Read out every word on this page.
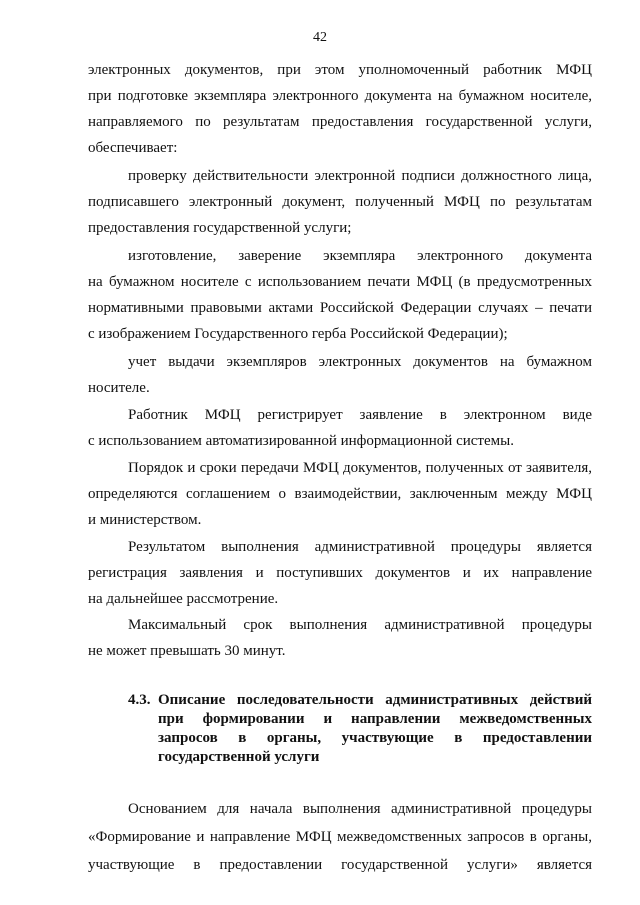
42
электронных документов, при этом уполномоченный работник МФЦ
при подготовке экземпляра электронного документа на бумажном носителе,
направляемого по результатам предоставления государственной услуги,
обеспечивает:
проверку действительности электронной подписи должностного лица,
подписавшего электронный документ, полученный МФЦ по результатам
предоставления государственной услуги;
изготовление, заверение экземпляра электронного документа
на бумажном носителе с использованием печати МФЦ (в предусмотренных
нормативными правовыми актами Российской Федерации случаях – печати
с изображением Государственного герба Российской Федерации);
учет выдачи экземпляров электронных документов на бумажном
носителе.
Работник МФЦ регистрирует заявление в электронном виде
с использованием автоматизированной информационной системы.
Порядок и сроки передачи МФЦ документов, полученных от заявителя,
определяются соглашением о взаимодействии, заключенным между МФЦ
и министерством.
Результатом выполнения административной процедуры является
регистрация заявления и поступивших документов и их направление
на дальнейшее рассмотрение.
Максимальный срок выполнения административной процедуры
не может превышать 30 минут.
4.3. Описание последовательности административных действий
при формировании и направлении межведомственных
запросов в органы, участвующие в предоставлении
государственной услуги
Основанием для начала выполнения административной процедуры
«Формирование и направление МФЦ межведомственных запросов в органы,
участвующие в предоставлении государственной услуги» является
